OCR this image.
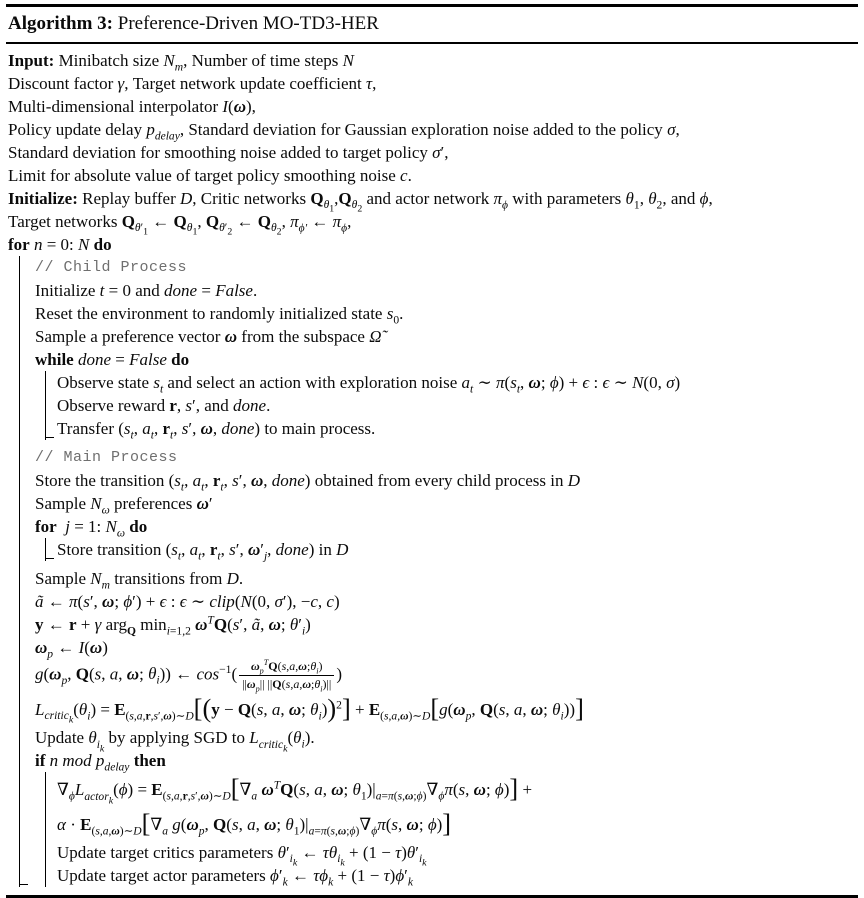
Algorithm 3: Preference-Driven MO-TD3-HER
Input: Minibatch size $N_m$, Number of time steps N
Discount factor γ, Target network update coefficient τ,
Multi-dimensional interpolator I(ω),
Policy update delay $p_{delay}$, Standard deviation for Gaussian exploration noise added to the policy σ,
Standard deviation for smoothing noise added to target policy σ′,
Limit for absolute value of target policy smoothing noise c.
Initialize: Replay buffer D, Critic networks $Q_{\theta_1},Q_{\theta_2}$ and actor network $\pi_\phi$ with parameters $\theta_1$, $\theta_2$, and ϕ,
Target networks $Q_{\theta'_1}$ ← $Q_{\theta_1}$, $Q_{\theta'_2}$ ← $Q_{\theta_2}$, $\pi_{\phi'}$ ← $\pi_\phi$,
for n = 0: N do
// Child Process
Initialize t = 0 and done = False.
Reset the environment to randomly initialized state $s_0$.
Sample a preference vector ω from the subspace Ω̃
while done = False do
Observe state $s_t$ and select an action with exploration noise $a_t$ ∼ $\pi(s_t$, ω; ϕ) + ϵ : ϵ ∼ N(0, σ)
Observe reward r, s′, and done.
Transfer ($s_t$, $a_t$, $r_t$, s′, ω, done) to main process.
// Main Process
Store the transition ($s_t$, $a_t$, $r_t$, s′, ω, done) obtained from every child process in D
Sample $N_\omega$ preferences ω′
for j = 1: $N_\omega$ do
Store transition ($s_t$, $a_t$, $r_t$, s′, $\omega'_j$, done) in D
Sample $N_m$ transitions from D.
ã ← π(s′, ω; ϕ′) + ϵ : ϵ ∼ clip(N(0, σ′), −c, c)
y ← r + γ arg$_Q$ $\min_{i=1,2} \omega^TQ(s'$, ã, ω; $\theta'_i$)
$\omega_p$ ← I(ω)
$g(\omega_p$, Q(s, a, ω; $\theta_i$)) ← $\cos^{-1}( \frac{\omega_p^TQ(s,a,\omega;\theta_i)}{||\omega_p|| ||Q(s,a,\omega;\theta_i)||}$ )
$L_{critic_k}(\theta_i) = E_{(s,a,r,s',\omega)\sim D}[(y - Q(s$, a, ω; $\theta_i))^2] + E_{(s,a,\omega)\sim D}[g(\omega_p$, Q(s, a, ω; $\theta_i$))]
Update $\theta_{i_k}$ by applying SGD to $L_{critic_k}(\theta_i)$.
if n mod $p_{delay}$ then
$\nabla_\phi L_{actor_k}(\phi) = E_{(s,a,r,s',\omega)\sim D}[\nabla_a$ $\omega^TQ(s$, a, ω; $\theta_1)|_{a=\pi(s,\omega;\phi)}\nabla_\phi\pi(s$, ω; ϕ)] +
$\alpha \cdot E_{(s,a,\omega)\sim D}[\nabla_a$ $g(\omega_p$, Q(s, a, ω; $\theta_1)|_{a=\pi(s,\omega;\phi)}\nabla_\phi\pi(s$, ω; ϕ)]
Update target critics parameters $\theta'_{i_k}$ ← $\tau\theta_{i_k} + (1 - \tau)\theta'_{i_k}$
Update target actor parameters $\phi'_k$ ← $\tau\phi_k + (1 - \tau)\phi'_k$
